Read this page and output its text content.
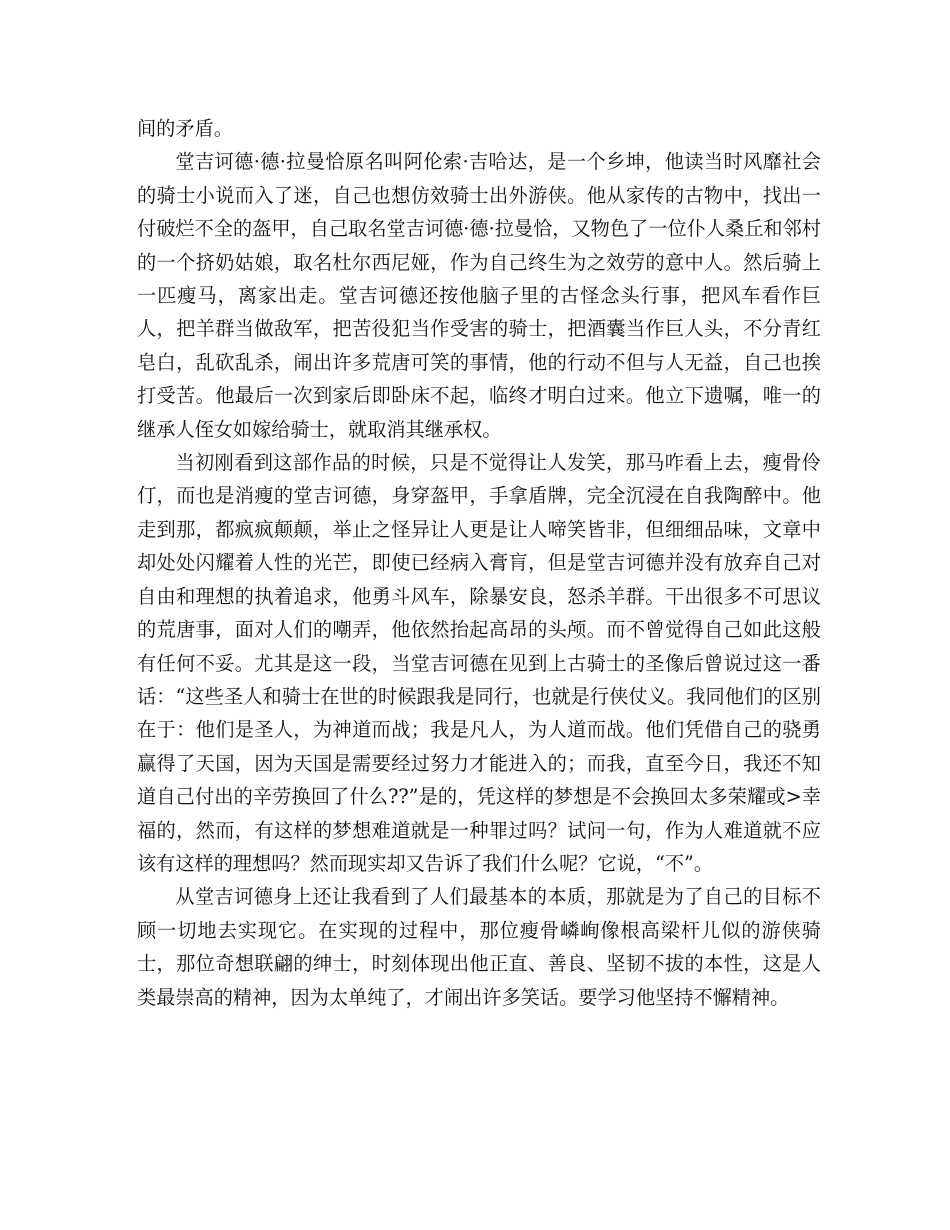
间的矛盾。

堂吉诃德·德·拉曼恰原名叫阿伦索·吉哈达，是一个乡坤，他读当时风靡社会的骑士小说而入了迷，自己也想仿效骑士出外游侠。他从家传的古物中，找出一付破烂不全的盔甲，自己取名堂吉诃德·德·拉曼恰，又物色了一位仆人桑丘和邻村的一个挤奶姑娘，取名杜尔西尼娅，作为自己终生为之效劳的意中人。然后骑上一匹瘦马，离家出走。堂吉诃德还按他脑子里的古怪念头行事，把风车看作巨人，把羊群当做敌军，把苦役犯当作受害的骑士，把酒囊当作巨人头，不分青红皂白，乱砍乱杀，闹出许多荒唐可笑的事情，他的行动不但与人无益，自己也挨打受苦。他最后一次到家后即卧床不起，临终才明白过来。他立下遗嘱，唯一的继承人侄女如嫁给骑士，就取消其继承权。

当初刚看到这部作品的时候，只是不觉得让人发笑，那马咋看上去，瘦骨伶仃，而也是消瘦的堂吉诃德，身穿盔甲，手拿盾牌，完全沉浸在自我陶醉中。他走到那，都疯疯颠颠，举止之怪异让人更是让人啼笑皆非，但细细品味，文章中却处处闪耀着人性的光芒，即使已经病入膏肓，但是堂吉诃德并没有放弃自己对自由和理想的执着追求，他勇斗风车，除暴安良，怒杀羊群。干出很多不可思议的荒唐事，面对人们的嘲弄，他依然抬起高昂的头颅。而不曾觉得自己如此这般有任何不妥。尤其是这一段，当堂吉诃德在见到上古骑士的圣像后曾说过这一番话：“这些圣人和骑士在世的时候跟我是同行，也就是行侠仗义。我同他们的区别在于：他们是圣人，为神道而战；我是凡人，为人道而战。他们凭借自己的骁勇赢得了天国，因为天国是需要经过努力才能进入的；而我，直至今日，我还不知道自己付出的辛劳换回了什么??”是的，凭这样的梦想是不会换回太多荣耀或>幸福的，然而，有这样的梦想难道就是一种罪过吗？试问一句，作为人难道就不应该有这样的理想吗？然而现实却又告诉了我们什么呢？它说，“不”。

从堂吉诃德身上还让我看到了人们最基本的本质，那就是为了自己的目标不顾一切地去实现它。在实现的过程中，那位瘦骨嶙峋像根高梁杆儿似的游侠骑士，那位奇想联翩的绅士，时刻体现出他正直、善良、坚韧不拔的本性，这是人类最崇高的精神，因为太单纯了，才闹出许多笑话。要学习他坚持不懈精神。
